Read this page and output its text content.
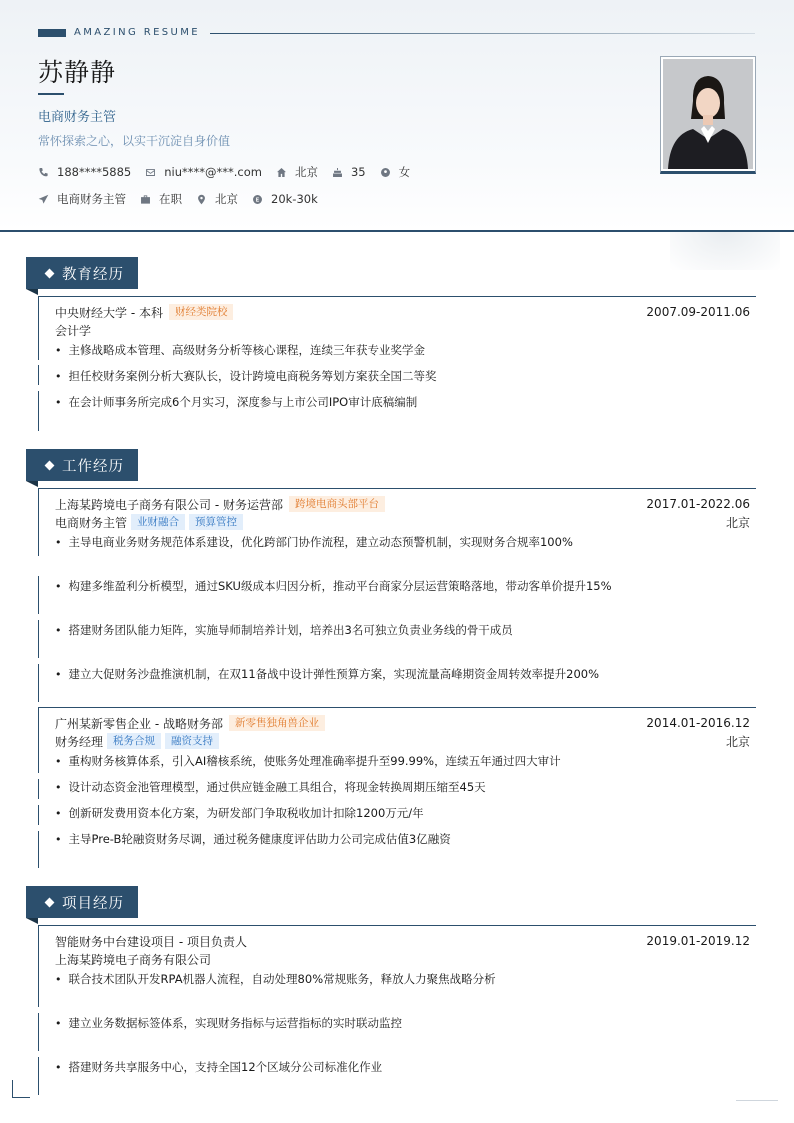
AMAZING RESUME
苏静静
电商财务主管
常怀探索之心，以实干沉淀自身价值
188****5885	niu****@***.com	北京	35	女
电商财务主管	在职	北京	20k-30k
教育经历
中央财经大学 - 本科	财经类院校	2007.09-2011.06
会计学
• 主修战略成本管理、高级财务分析等核心课程，连续三年获专业奖学金
• 担任校财务案例分析大赛队长，设计跨境电商税务筹划方案获全国二等奖
• 在会计师事务所完成6个月实习，深度参与上市公司IPO审计底稿编制
工作经历
上海某跨境电子商务有限公司 - 财务运营部	跨境电商头部平台	2017.01-2022.06
电商财务主管 业财融合	预算管控	北京
• 主导电商业务财务规范体系建设，优化跨部门协作流程，建立动态预警机制，实现财务合规率100%
• 构建多维盈利分析模型，通过SKU级成本归因分析，推动平台商家分层运营策略落地，带动客单价提升15%
• 搭建财务团队能力矩阵，实施导师制培养计划，培养出3名可独立负责业务线的骨干成员
• 建立大促财务沙盘推演机制，在双11备战中设计弹性预算方案，实现流量高峰期资金周转效率提升200%
广州某新零售企业 - 战略财务部	新零售独角兽企业	2014.01-2016.12
财务经理 税务合规	融资支持	北京
• 重构财务核算体系，引入AI稽核系统，使账务处理准确率提升至99.99%，连续五年通过四大审计
• 设计动态资金池管理模型，通过供应链金融工具组合，将现金转换周期压缩至45天
• 创新研发费用资本化方案，为研发部门争取税收加计扣除1200万元/年
• 主导Pre-B轮融资财务尽调，通过税务健康度评估助力公司完成估值3亿融资
项目经历
智能财务中台建设项目 - 项目负责人	2019.01-2019.12
上海某跨境电子商务有限公司
• 联合技术团队开发RPA机器人流程，自动处理80%常规账务，释放人力聚焦战略分析
• 建立业务数据标签体系，实现财务指标与运营指标的实时联动监控
• 搭建财务共享服务中心，支持全国12个区域分公司标准化作业
